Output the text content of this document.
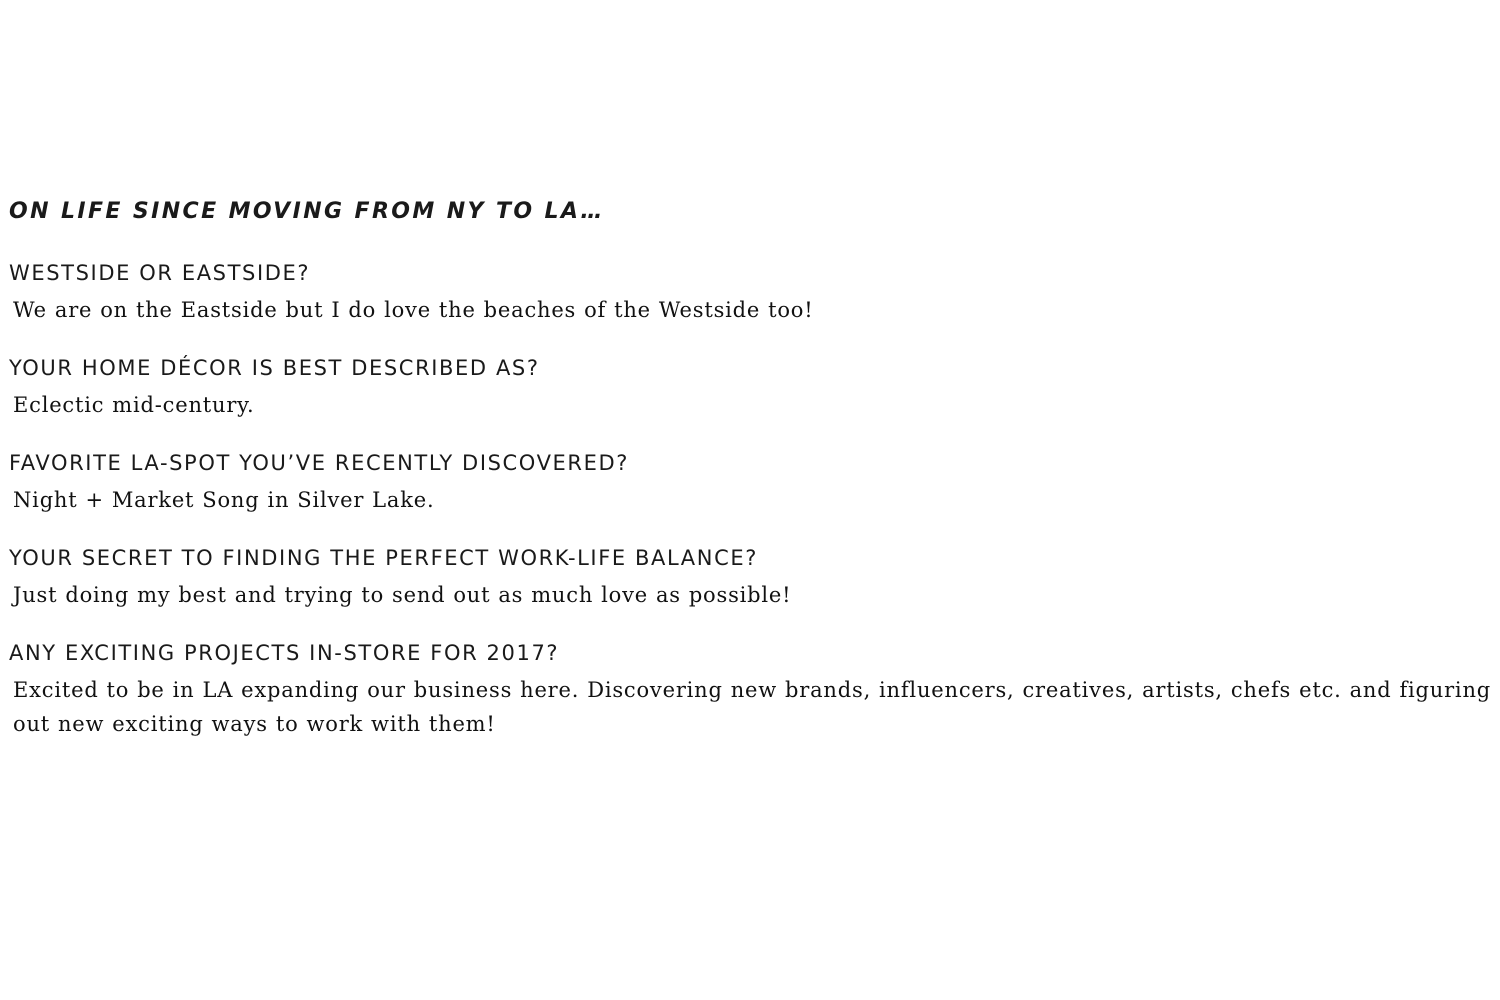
ON LIFE SINCE MOVING FROM NY TO LA…
WESTSIDE OR EASTSIDE?

We are on the Eastside but I do love the beaches of the Westside too!

YOUR HOME DÉCOR IS BEST DESCRIBED AS?

Eclectic mid-century.

FAVORITE LA-SPOT YOU’VE RECENTLY DISCOVERED?

Night + Market Song in Silver Lake.

YOUR SECRET TO FINDING THE PERFECT WORK-LIFE BALANCE?

Just doing my best and trying to send out as much love as possible!

ANY EXCITING PROJECTS IN-STORE FOR 2017?

Excited to be in LA expanding our business here. Discovering new brands, influencers, creatives, artists, chefs etc. and figuring out new exciting ways to work with them!
